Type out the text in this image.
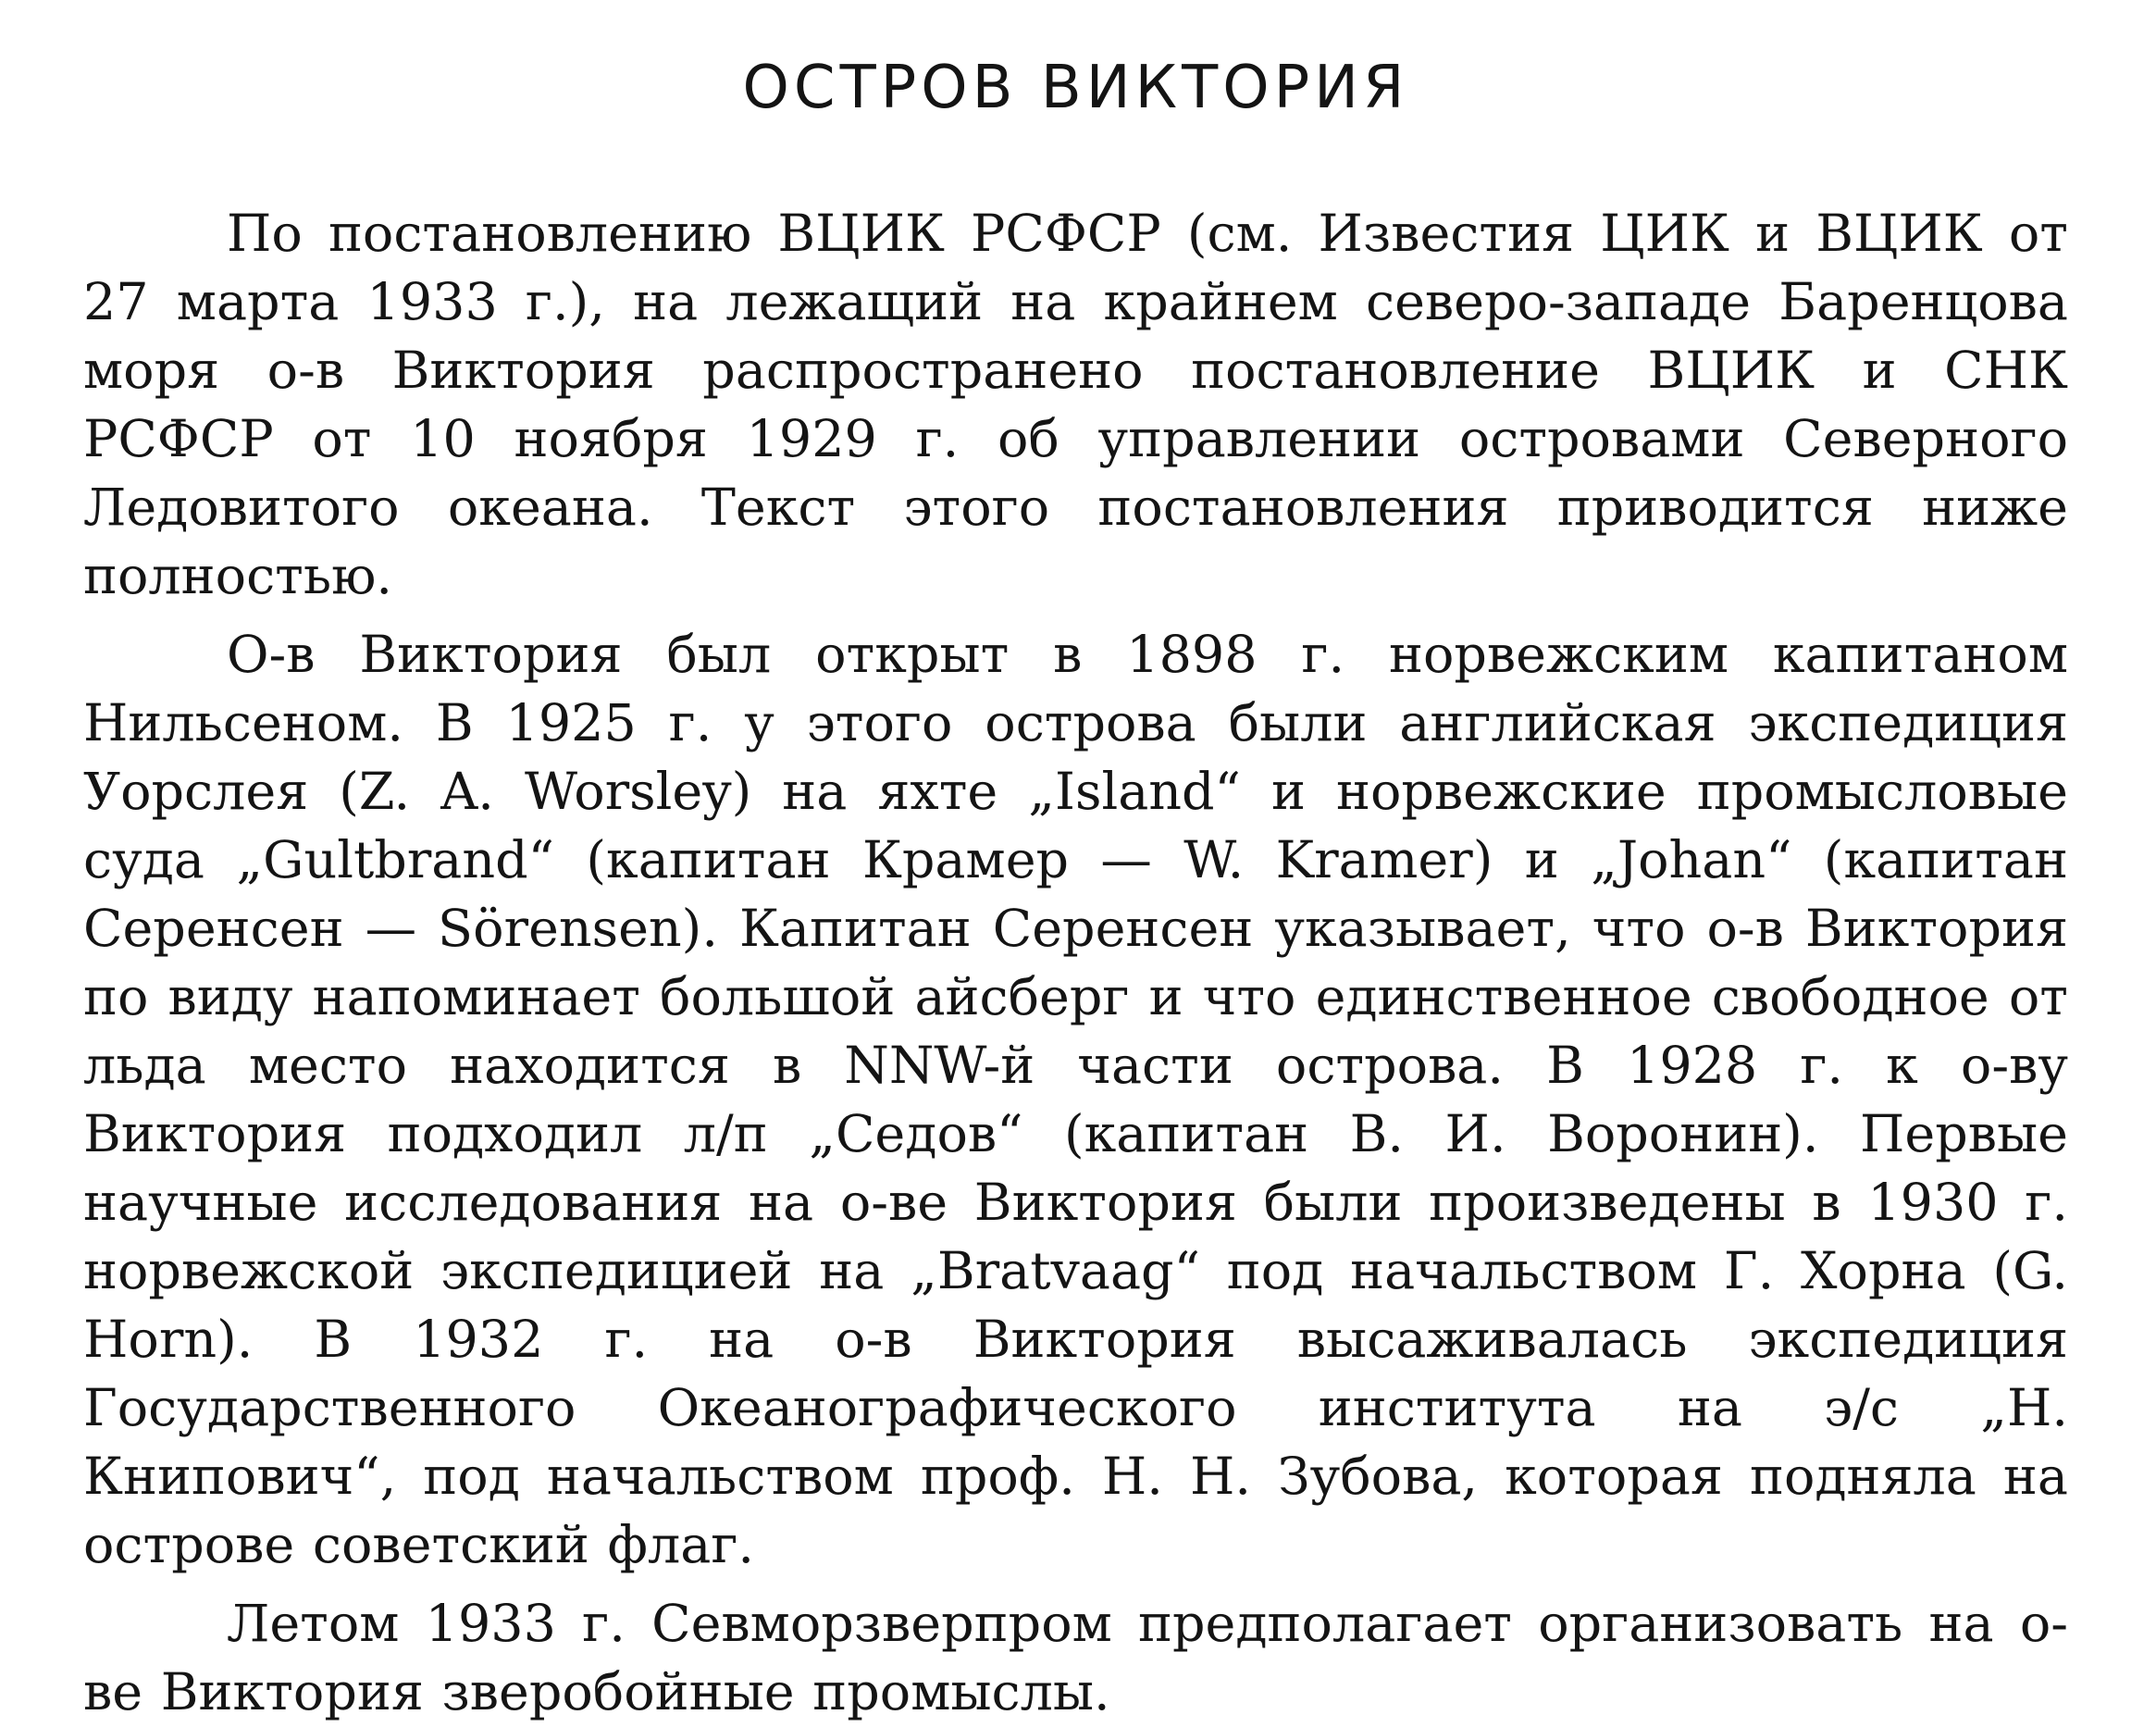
ОСТРОВ ВИКТОРИЯ

По постановлению ВЦИК РСФСР (см. Известия ЦИК и ВЦИК от 27 марта 1933 г.), на лежащий на крайнем северо-западе Баренцова моря о-в Виктория распространено постановление ВЦИК и СНК РСФСР от 10 ноября 1929 г. об управлении островами Северного Ледовитого океана. Текст этого постановления приводится ниже полностью.

О-в Виктория был открыт в 1898 г. норвежским капитаном Нильсеном. В 1925 г. у этого острова были английская экспедиция Уорслея (Z. A. Worsley) на яхте „Island“ и норвежские промысловые суда „Gultbrand“ (капитан Крамер — W. Kramer) и „Johan“ (капитан Серенсен — Sörensen). Капитан Серенсен указывает, что о-в Виктория по виду напоминает большой айсберг и что единственное свободное от льда место находится в NNW-й части острова. В 1928 г. к о-ву Виктория подходил л/п „Седов“ (капитан В. И. Воронин). Первые научные исследования на о-ве Виктория были произведены в 1930 г. норвежской экспедицией на „Bratvaag“ под начальством Г. Хорна (G. Horn). В 1932 г. на о-в Виктория высаживалась экспедиция Государственного Океанографического института на э/с „Н. Книпович“, под начальством проф. Н. Н. Зубова, которая подняла на острове советский флаг.

Летом 1933 г. Севморзверпром предполагает организовать на о-ве Виктория зверобойные промыслы.
